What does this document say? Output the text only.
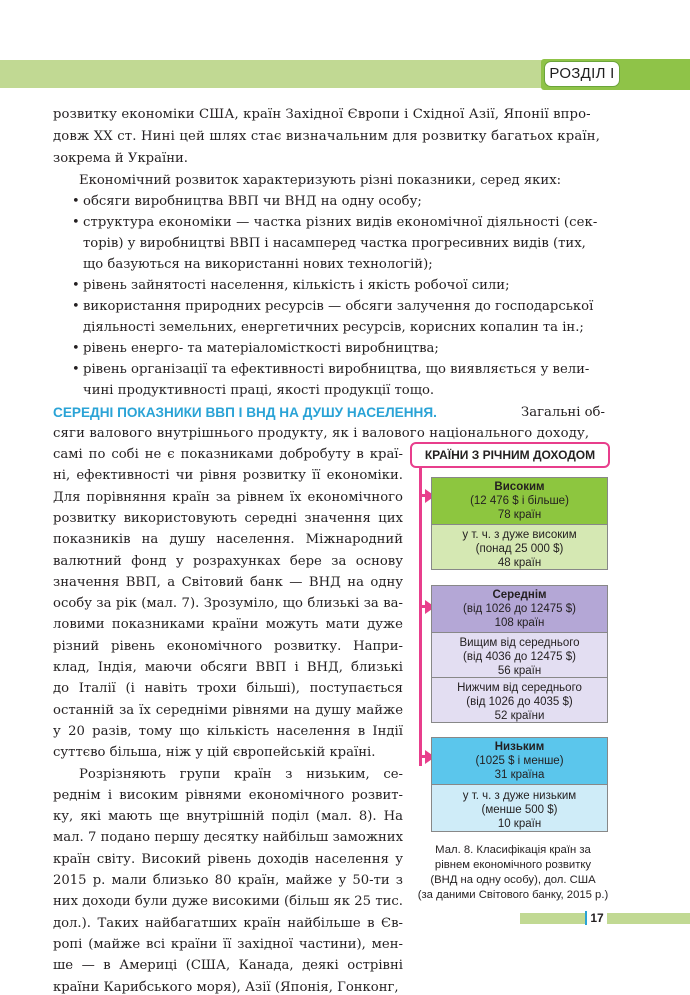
РОЗДІЛ І
розвитку економіки США, країн Західної Європи і Східної Азії, Японії впро-
довж ХХ ст. Нині цей шлях стає визначальним для розвитку багатьох країн,
зокрема й України.
Економічний розвиток характеризують різні показники, серед яких:
• обсяги виробництва ВВП чи ВНД на одну особу;
• структура економіки — частка різних видів економічної діяльності (сек-
торів) у виробництві ВВП і насамперед частка прогресивних видів (тих,
що базуються на використанні нових технологій);
• рівень зайнятості населення, кількість і якість робочої сили;
• використання природних ресурсів — обсяги залучення до господарської
діяльності земельних, енергетичних ресурсів, корисних копалин та ін.;
• рівень енерго- та матеріаломісткості виробництва;
• рівень організації та ефективності виробництва, що виявляється у вели-
чині продуктивності праці, якості продукції тощо.
СЕРЕДНІ ПОКАЗНИКИ ВВП І ВНД НА ДУШУ НАСЕЛЕННЯ.	Загальні об-
сяги валового внутрішнього продукту, як і валового національного доходу,
самі по собі не є показниками добробуту в краї-
ні, ефективності чи рівня розвитку її економіки.
Для порівняння країн за рівнем їх економічного
розвитку використовують середні значення цих
показників на душу населення. Міжнародний
валютний фонд у розрахунках бере за основу
значення ВВП, а Світовий банк — ВНД на одну
особу за рік (мал. 7). Зрозуміло, що близькі за ва-
ловими показниками країни можуть мати дуже
різний рівень економічного розвитку. Напри-
клад, Індія, маючи обсяги ВВП і ВНД, близькі
до Італії (і навіть трохи більші), поступається
останній за їх середніми рівнями на душу майже
у 20 разів, тому що кількість населення в Індії
суттєво більша, ніж у цій європейській країні.
Розрізняють групи країн з низьким, се-
реднім і високим рівнями економічного розвит-
ку, які мають ще внутрішній поділ (мал. 8). На
мал. 7 подано першу десятку найбільш заможних
країн світу. Високий рівень доходів населення у
2015 р. мали близько 80 країн, майже у 50-ти з
них доходи були дуже високими (більш як 25 тис.
дол.). Таких найбагатших країн найбільше в Єв-
ропі (майже всі країни її західної частини), мен-
ше — в Америці (США, Канада, деякі острівні
країни Карибського моря), Азії (Японія, Гонконг,
КРАЇНИ З РІЧНИМ ДОХОДОМ
Високим
(12 476 $ і більше)
78 країн
у т. ч. з дуже високим
(понад 25 000 $)
48 країн
Середнім
(від 1026 до 12475 $)
108 країн
Вищим від середнього
(від 4036 до 12475 $)
56 країн
Нижчим від середнього
(від 1026 до 4035 $)
52 країни
Низьким
(1025 $ і менше)
31 країна
у т. ч. з дуже низьким
(менше 500 $)
10 країн
Мал. 8. Класифікація країн за
рівнем економічного розвитку
(ВНД на одну особу), дол. США
(за даними Світового банку, 2015 р.)
17
